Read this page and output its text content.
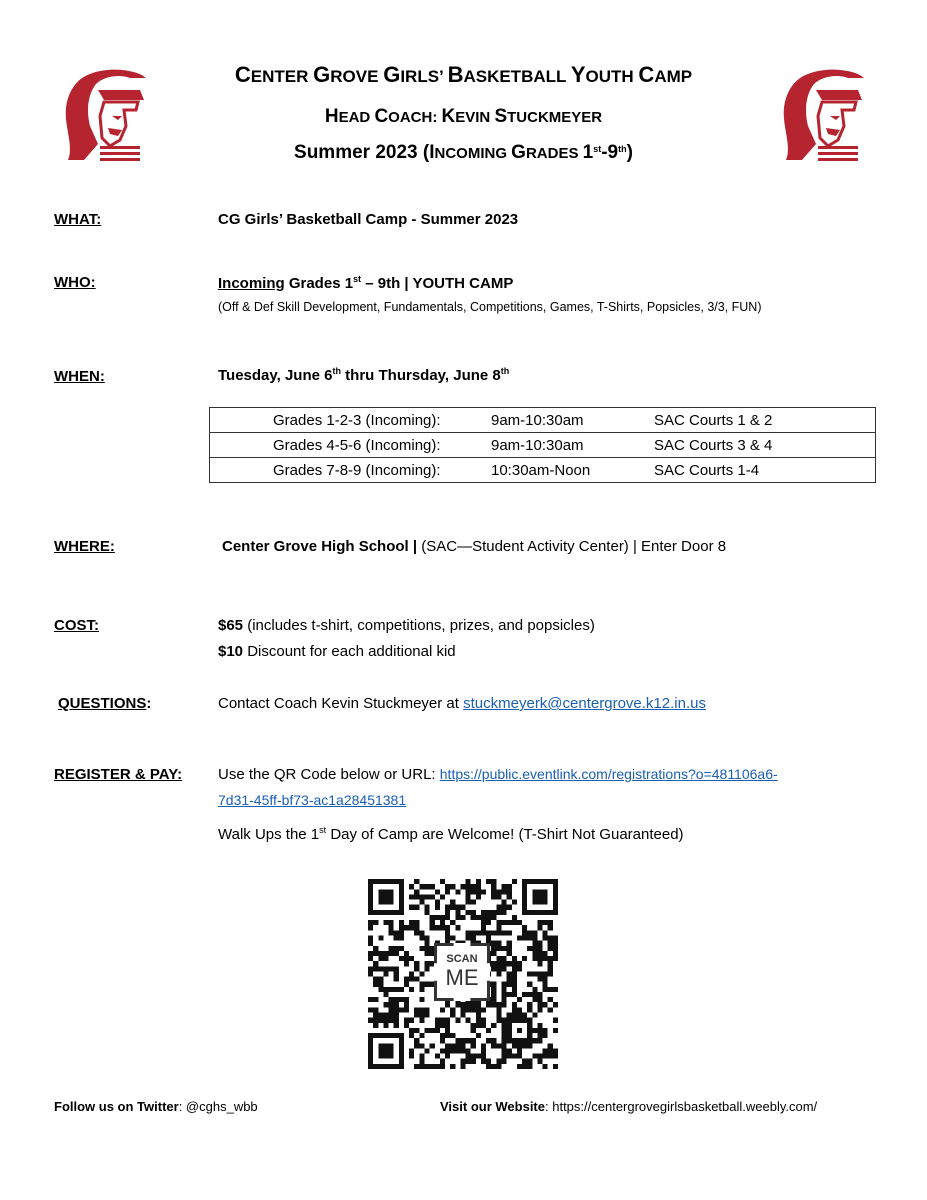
CENTER GROVE GIRLS’ BASKETBALL YOUTH CAMP
HEAD COACH: KEVIN STUCKMEYER
Summer 2023 (INCOMING GRADES 1st-9th)
WHAT:	CG Girls’ Basketball Camp - Summer 2023
WHO:	Incoming Grades 1st – 9th | YOUTH CAMP
(Off & Def Skill Development, Fundamentals, Competitions, Games, T-Shirts, Popsicles, 3/3, FUN)
WHEN:	Tuesday, June 6th thru Thursday, June 8th
Grades 1-2-3 (Incoming):	9am-10:30am	SAC Courts 1 & 2
Grades 4-5-6 (Incoming):	9am-10:30am	SAC Courts 3 & 4
Grades 7-8-9 (Incoming):	10:30am-Noon	SAC Courts 1-4
WHERE:	Center Grove High School | (SAC—Student Activity Center) | Enter Door 8
COST:	$65 (includes t-shirt, competitions, prizes, and popsicles)
$10 Discount for each additional kid
QUESTIONS:	Contact Coach Kevin Stuckmeyer at stuckmeyerk@centergrove.k12.in.us
REGISTER & PAY: Use the QR Code below or URL: https://public.eventlink.com/registrations?o=481106a6-
7d31-45ff-bf73-ac1a28451381
Walk Ups the 1st Day of Camp are Welcome! (T-Shirt Not Guaranteed)
SCAN
ME
Follow us on Twitter: @cghs_wbb	Visit our Website: https://centergrovegirlsbasketball.weebly.com/
